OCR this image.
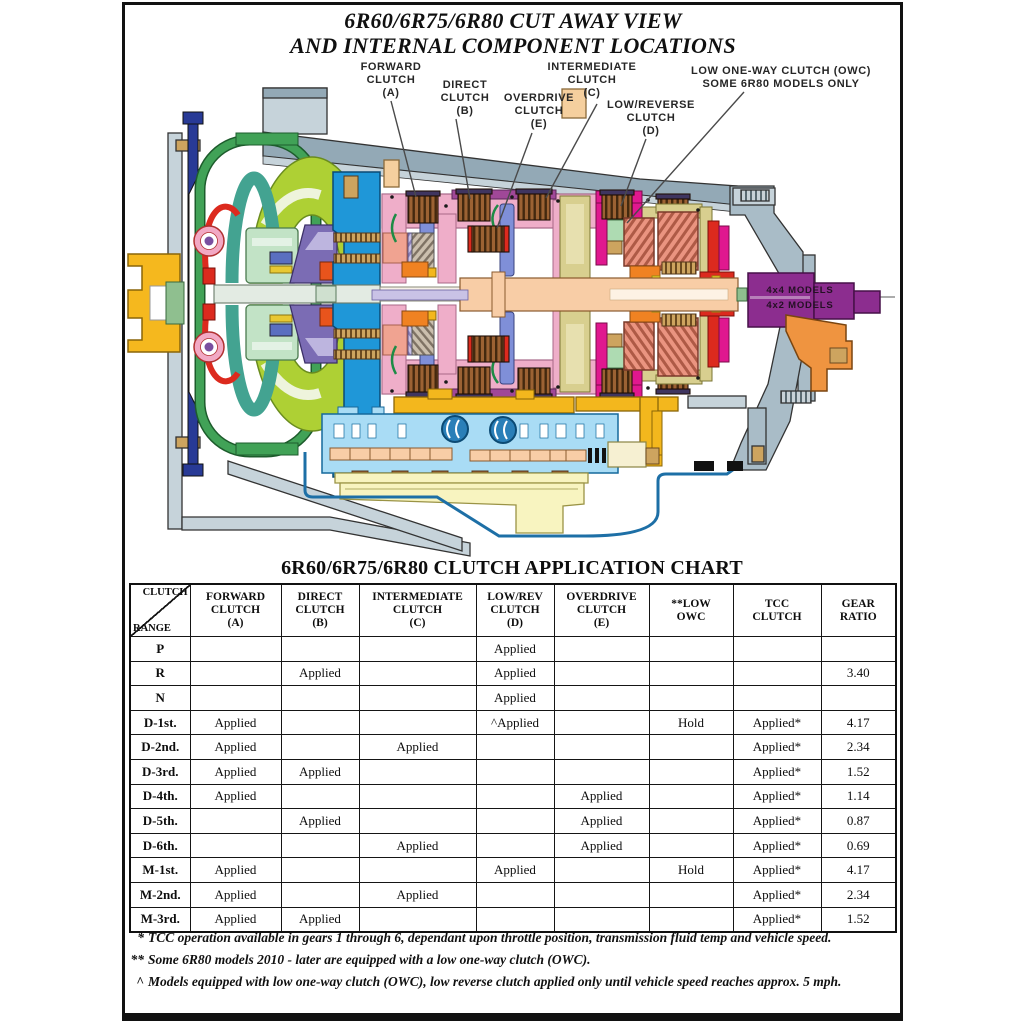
4x4 MODELS
4x2 MODELS
6R60/6R75/6R80 CUT AWAY VIEW
AND INTERNAL COMPONENT LOCATIONS
FORWARD
CLUTCH
(A)
DIRECT
CLUTCH
(B)
OVERDRIVE
CLUTCH
(E)
INTERMEDIATE
CLUTCH
(C)
LOW/REVERSE
CLUTCH
(D)
LOW ONE-WAY CLUTCH (OWC)
SOME 6R80 MODELS ONLY
6R60/6R75/6R80 CLUTCH APPLICATION CHART
CLUTCH
RANGE

FORWARD
CLUTCH
(A)

DIRECT
CLUTCH
(B)

INTERMEDIATE
CLUTCH
(C)

LOW/REV
CLUTCH
(D)

OVERDRIVE
CLUTCH
(E)

**LOW
OWC

TCC
CLUTCH

GEAR
RATIO

P				Applied				
R		Applied		Applied				3.40
N				Applied				
D-1st.	Applied			^Applied		Hold	Applied*	4.17
D-2nd.	Applied		Applied				Applied*	2.34
D-3rd.	Applied	Applied					Applied*	1.52
D-4th.	Applied				Applied		Applied*	1.14
D-5th.		Applied			Applied		Applied*	0.87
D-6th.			Applied		Applied		Applied*	0.69
M-1st.	Applied			Applied		Hold	Applied*	4.17
M-2nd.	Applied		Applied				Applied*	2.34
M-3rd.	Applied	Applied					Applied*	1.52
* TCC operation available in gears 1 through 6, dependant upon throttle position, transmission fluid temp and vehicle speed.
** Some 6R80 models 2010 - later are equipped with a low one-way clutch (OWC).
^ Models equipped with low one-way clutch (OWC), low reverse clutch applied only until vehicle speed reaches approx. 5 mph.
